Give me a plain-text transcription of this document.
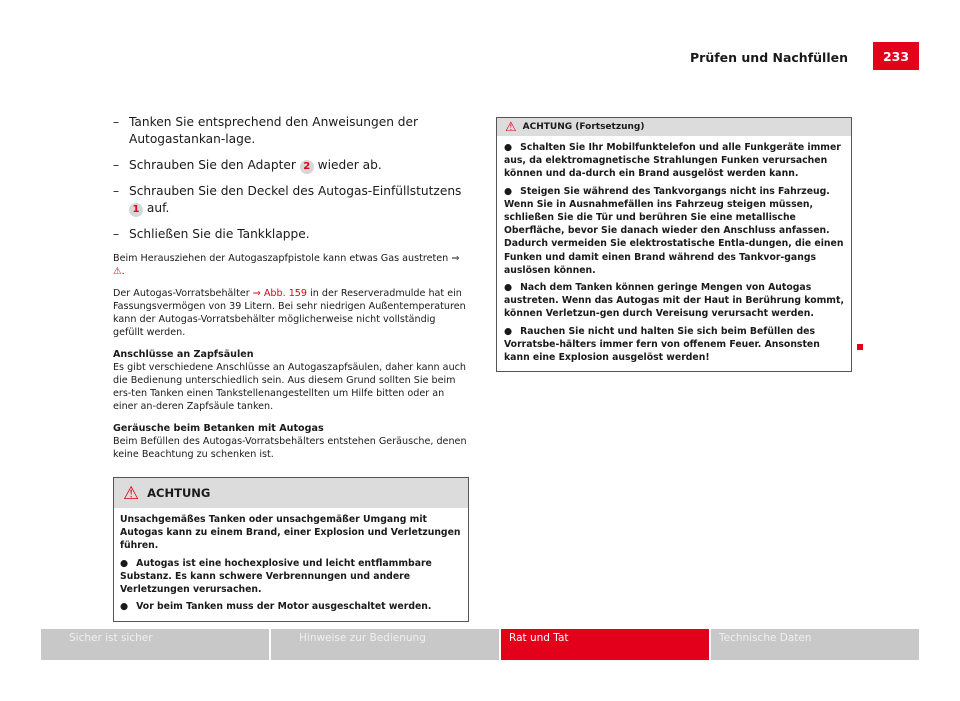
Prüfen und Nachfüllen	233
– Tanken Sie entsprechend den Anweisungen der Autogastankan-lage.
– Schrauben Sie den Adapter 2 wieder ab.
– Schrauben Sie den Deckel des Autogas-Einfüllstutzens 1 auf.
– Schließen Sie die Tankklappe.

Beim Herausziehen der Autogaszapfpistole kann etwas Gas austreten ⇒ ⚠.

Der Autogas-Vorratsbehälter ⇒ Abb. 159 in der Reserveradmulde hat ein Fassungsvermögen von 39 Litern. Bei sehr niedrigen Außentemperaturen kann der Autogas-Vorratsbehälter möglicherweise nicht vollständig gefüllt werden.

Anschlüsse an Zapfsäulen

Es gibt verschiedene Anschlüsse an Autogaszapfsäulen, daher kann auch die Bedienung unterschiedlich sein. Aus diesem Grund sollten Sie beim ers-ten Tanken einen Tankstellenangestellten um Hilfe bitten oder an einer an-deren Zapfsäule tanken.

Geräusche beim Betanken mit Autogas

Beim Befüllen des Autogas-Vorratsbehälters entstehen Geräusche, denen keine Beachtung zu schenken ist.

⚠ ACHTUNG

Unsachgemäßes Tanken oder unsachgemäßer Umgang mit Autogas kann zu einem Brand, einer Explosion und Verletzungen führen.

● Autogas ist eine hochexplosive und leicht entflammbare Substanz. Es kann schwere Verbrennungen und andere Verletzungen verursachen.

● Vor beim Tanken muss der Motor ausgeschaltet werden.

⚠ ACHTUNG (Fortsetzung)

● Schalten Sie Ihr Mobilfunktelefon und alle Funkgeräte immer aus, da elektromagnetische Strahlungen Funken verursachen können und da-durch ein Brand ausgelöst werden kann.

● Steigen Sie während des Tankvorgangs nicht ins Fahrzeug. Wenn Sie in Ausnahmefällen ins Fahrzeug steigen müssen, schließen Sie die Tür und berühren Sie eine metallische Oberfläche, bevor Sie danach wieder den Anschluss anfassen. Dadurch vermeiden Sie elektrostatische Entla-dungen, die einen Funken und damit einen Brand während des Tankvor-gangs auslösen können.

● Nach dem Tanken können geringe Mengen von Autogas austreten. Wenn das Autogas mit der Haut in Berührung kommt, können Verletzun-gen durch Vereisung verursacht werden.

● Rauchen Sie nicht und halten Sie sich beim Befüllen des Vorratsbe-hälters immer fern von offenem Feuer. Ansonsten kann eine Explosion ausgelöst werden!

Sicher ist sicher	Hinweise zur Bedienung	Rat und Tat	Technische Daten
